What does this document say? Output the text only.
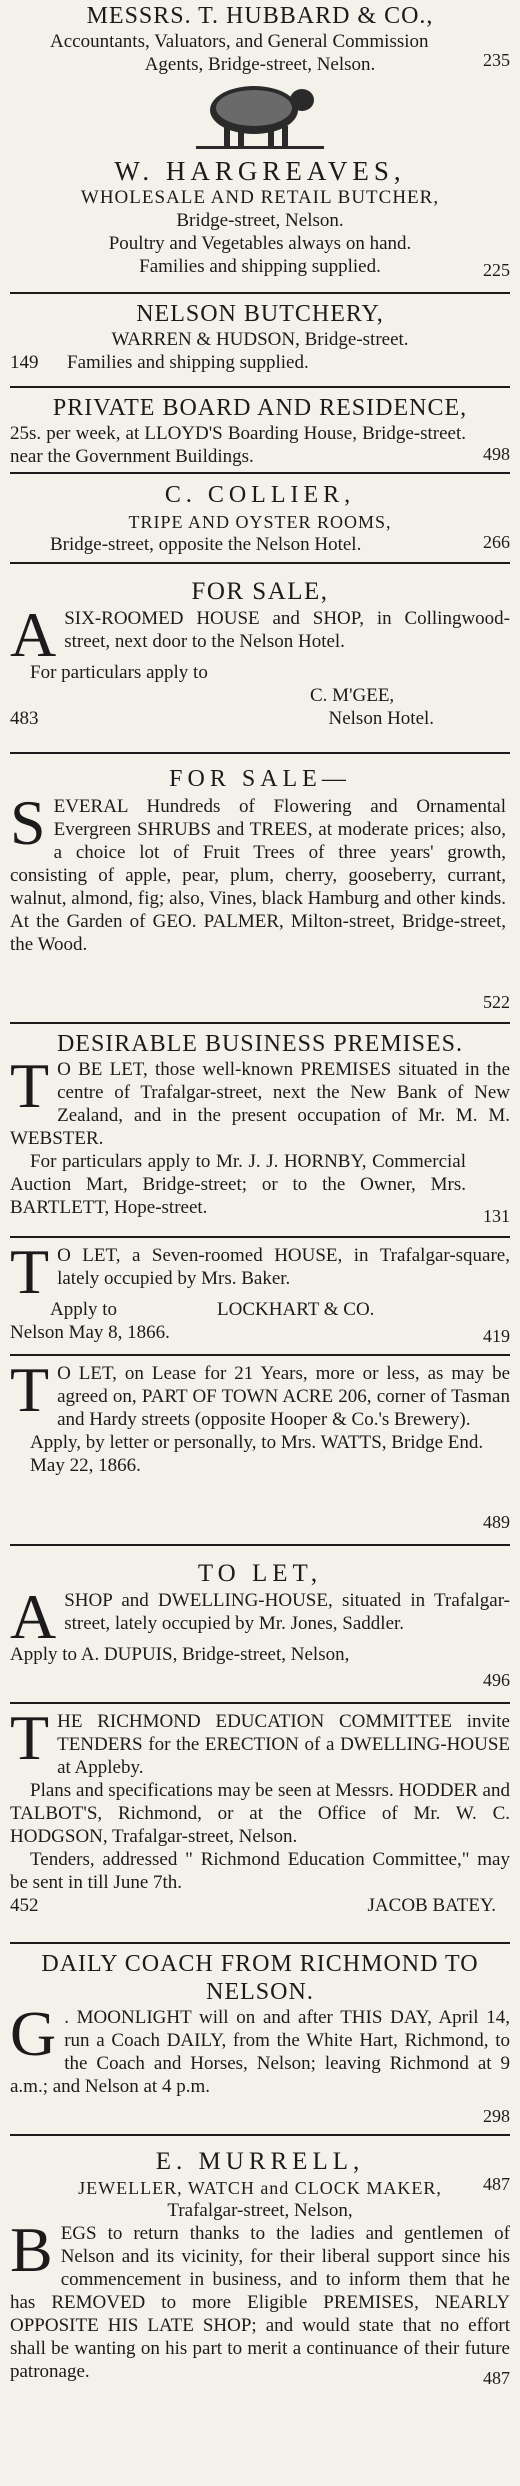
MESSRS. T. HUBBARD & CO.,

Accountants, Valuators, and General Commission

Agents, Bridge-street, Nelson.	235
W. HARGREAVES,
WHOLESALE AND RETAIL BUTCHER,

Bridge-street, Nelson.

Poultry and Vegetables always on hand.

Families and shipping supplied.	225
NELSON BUTCHERY,

WARREN & HUDSON, Bridge-street.

149 Families and shipping supplied.

PRIVATE BOARD AND RESIDENCE,

25s. per week, at LLOYD'S Boarding House, Bridge-street. near the Government Buildings.	498
C. COLLIER,
TRIPE AND OYSTER ROOMS,

Bridge-street, opposite the Nelson Hotel.	266
FOR SALE,
A SIX-ROOMED HOUSE and SHOP, in Collingwood-street, next door to the Nelson Hotel.

For particulars apply to

C. M'GEE,

483	Nelson Hotel.

FOR SALE—
S EVERAL Hundreds of Flowering and Ornamental Evergreen SHRUBS and TREES, at moderate prices; also, a choice lot of Fruit Trees of three years' growth, consisting of apple, pear, plum, cherry, gooseberry, currant, walnut, almond, fig; also, Vines, black Hamburg and other kinds. At the Garden of GEO. PALMER, Milton-street, Bridge-street, the Wood.

522
DESIRABLE BUSINESS PREMISES.
T O BE LET, those well-known PREMISES situated in the centre of Trafalgar-street, next the New Bank of New Zealand, and in the present occupation of Mr. M. M. WEBSTER.

For particulars apply to Mr. J. J. HORNBY, Commercial Auction Mart, Bridge-street; or to the Owner, Mrs. BARTLETT, Hope-street.	131
T O LET, a Seven-roomed HOUSE, in Trafalgar-square, lately occupied by Mrs. Baker.

Apply to	LOCKHART & CO.

Nelson May 8, 1866.	419
T O LET, on Lease for 21 Years, more or less, as may be agreed on, PART OF TOWN ACRE 206, corner of Tasman and Hardy streets (opposite Hooper & Co.'s Brewery).

Apply, by letter or personally, to Mrs. WATTS, Bridge End.

May 22, 1866.

489
TO LET,
A SHOP and DWELLING-HOUSE, situated in Trafalgar-street, lately occupied by Mr. Jones, Saddler.

Apply to A. DUPUIS, Bridge-street, Nelson,

496
T HE RICHMOND EDUCATION COMMITTEE invite TENDERS for the ERECTION of a DWELLING-HOUSE at Appleby.

Plans and specifications may be seen at Messrs. HODDER and TALBOT'S, Richmond, or at the Office of Mr. W. C. HODGSON, Trafalgar-street, Nelson.

Tenders, addressed " Richmond Education Committee," may be sent in till June 7th.

452	JACOB BATEY.
DAILY COACH FROM RICHMOND TO
NELSON.
G . MOONLIGHT will on and after THIS DAY, April 14, run a Coach DAILY, from the White Hart, Richmond, to the Coach and Horses, Nelson; leaving Richmond at 9 a.m.; and Nelson at 4 p.m.

298
E. MURRELL,
487
JEWELLER, WATCH and CLOCK MAKER,

Trafalgar-street, Nelson,

B EGS to return thanks to the ladies and gentlemen of Nelson and its vicinity, for their liberal support since his commencement in business, and to inform them that he has REMOVED to more Eligible PREMISES, NEARLY OPPOSITE HIS LATE SHOP; and would state that no effort shall be wanting on his part to merit a continuance of their future patronage.	487
